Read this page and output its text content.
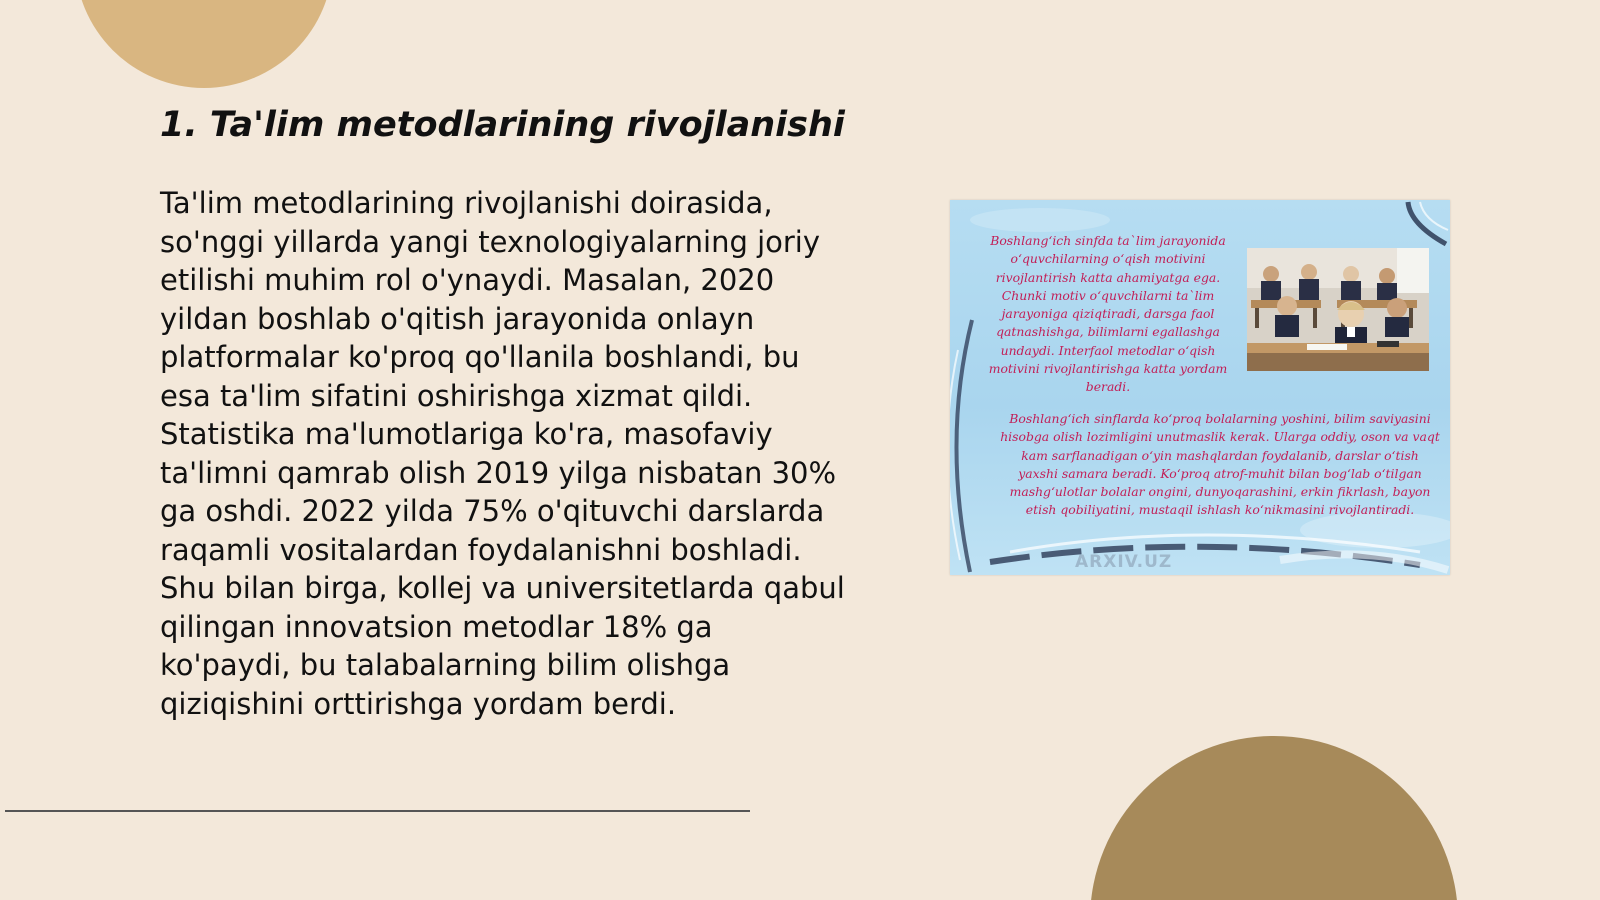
1. Ta'lim metodlarining rivojlanishi

Ta'lim metodlarining rivojlanishi doirasida, so'nggi yillarda yangi texnologiyalarning joriy etilishi muhim rol o'ynaydi. Masalan, 2020 yildan boshlab o'qitish jarayonida onlayn platformalar ko'proq qo'llanila boshlandi, bu esa ta'lim sifatini oshirishga xizmat qildi. Statistika ma'lumotlariga ko'ra, masofaviy ta'limni qamrab olish 2019 yilga nisbatan 30% ga oshdi. 2022 yilda 75% o'qituvchi darslarda raqamli vositalardan foydalanishni boshladi. Shu bilan birga, kollej va universitetlarda qabul qilingan innovatsion metodlar 18% ga ko'paydi, bu talabalarning bilim olishga qiziqishini orttirishga yordam berdi.

Boshlang‘ich sinfda ta`lim jarayonida o‘quvchilarning o‘qish motivini rivojlantirish katta ahamiyatga ega. Chunki motiv o‘quvchilarni ta`lim jarayoniga qiziqtiradi, darsga faol qatnashishga, bilimlarni egallashga undaydi. Interfaol metodlar o‘qish motivini rivojlantirishga katta yordam beradi.

Boshlang‘ich sinflarda ko‘proq bolalarning yoshini, bilim saviyasini hisobga olish lozimligini unutmaslik kerak. Ularga oddiy, oson va vaqt kam sarflanadigan o‘yin mashqlardan foydalanib, darslar o‘tish yaxshi samara beradi. Ko‘proq atrof-muhit bilan bog‘lab o‘tilgan mashg‘ulotlar bolalar ongini, dunyoqarashini, erkin fikrlash, bayon etish qobiliyatini, mustaqil ishlash ko‘nikmasini rivojlantiradi.

ARXIV.UZ
